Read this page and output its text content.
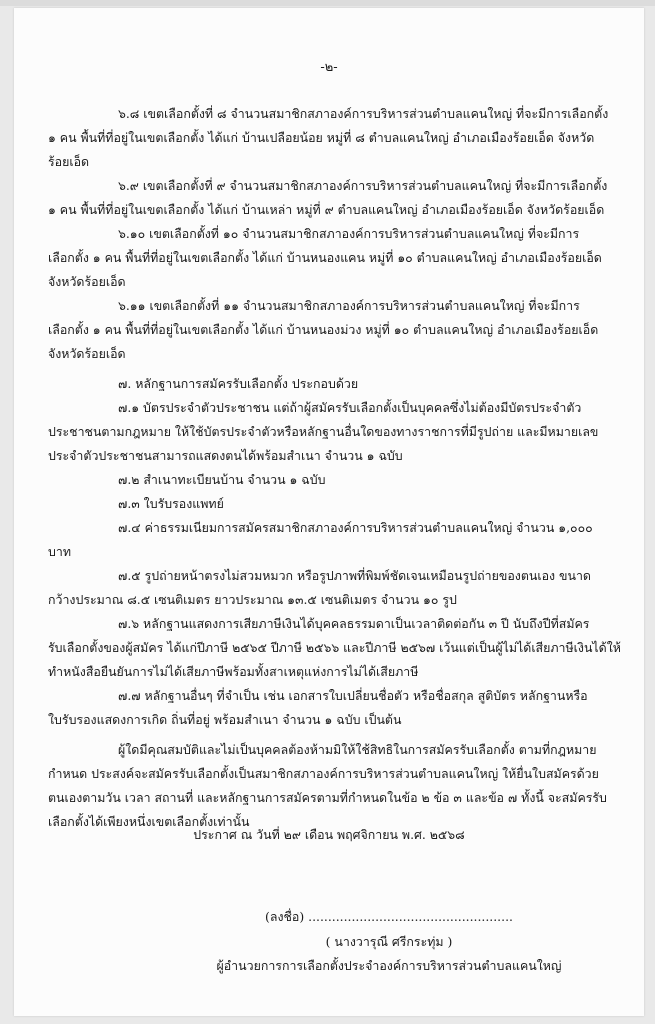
-๒-

๖.๘ เขตเลือกตั้งที่ ๘ จำนวนสมาชิกสภาองค์การบริหารส่วนตำบลแคนใหญ่ ที่จะมีการเลือกตั้ง

๑ คน พื้นที่ที่อยู่ในเขตเลือกตั้ง ได้แก่ บ้านเปลือยน้อย หมู่ที่ ๘ ตำบลแคนใหญ่ อำเภอเมืองร้อยเอ็ด จังหวัดร้อยเอ็ด

๖.๙ เขตเลือกตั้งที่ ๙ จำนวนสมาชิกสภาองค์การบริหารส่วนตำบลแคนใหญ่ ที่จะมีการเลือกตั้ง

๑ คน พื้นที่ที่อยู่ในเขตเลือกตั้ง ได้แก่ บ้านเหล่า หมู่ที่ ๙ ตำบลแคนใหญ่ อำเภอเมืองร้อยเอ็ด จังหวัดร้อยเอ็ด

๖.๑๐ เขตเลือกตั้งที่ ๑๐ จำนวนสมาชิกสภาองค์การบริหารส่วนตำบลแคนใหญ่ ที่จะมีการ

เลือกตั้ง ๑ คน พื้นที่ที่อยู่ในเขตเลือกตั้ง ได้แก่ บ้านหนองแคน หมู่ที่ ๑๐ ตำบลแคนใหญ่ อำเภอเมืองร้อยเอ็ด จังหวัดร้อยเอ็ด

๖.๑๑ เขตเลือกตั้งที่ ๑๑ จำนวนสมาชิกสภาองค์การบริหารส่วนตำบลแคนใหญ่ ที่จะมีการ

เลือกตั้ง ๑ คน พื้นที่ที่อยู่ในเขตเลือกตั้ง ได้แก่ บ้านหนองม่วง หมู่ที่ ๑๐ ตำบลแคนใหญ่ อำเภอเมืองร้อยเอ็ด จังหวัดร้อยเอ็ด

๗. หลักฐานการสมัครรับเลือกตั้ง ประกอบด้วย

๗.๑ บัตรประจำตัวประชาชน แต่ถ้าผู้สมัครรับเลือกตั้งเป็นบุคคลซึ่งไม่ต้องมีบัตรประจำตัว

ประชาชนตามกฎหมาย ให้ใช้บัตรประจำตัวหรือหลักฐานอื่นใดของทางราชการที่มีรูปถ่าย และมีหมายเลขประจำตัวประชาชนสามารถแสดงตนได้พร้อมสำเนา จำนวน ๑ ฉบับ

๗.๒ สำเนาทะเบียนบ้าน จำนวน ๑ ฉบับ

๗.๓ ใบรับรองแพทย์

๗.๔ ค่าธรรมเนียมการสมัครสมาชิกสภาองค์การบริหารส่วนตำบลแคนใหญ่ จำนวน ๑,๐๐๐

บาท

๗.๕ รูปถ่ายหน้าตรงไม่สวมหมวก หรือรูปภาพที่พิมพ์ชัดเจนเหมือนรูปถ่ายของตนเอง ขนาด

กว้างประมาณ ๘.๕ เซนติเมตร ยาวประมาณ ๑๓.๕ เซนติเมตร จำนวน ๑๐ รูป

๗.๖ หลักฐานแสดงการเสียภาษีเงินได้บุคคลธรรมดาเป็นเวลาติดต่อกัน ๓ ปี นับถึงปีที่สมัคร

รับเลือกตั้งของผู้สมัคร ได้แก่ปีภาษี ๒๕๖๕ ปีภาษี ๒๕๖๖ และปีภาษี ๒๕๖๗ เว้นแต่เป็นผู้ไม่ได้เสียภาษีเงินได้ให้ทำหนังสือยืนยันการไม่ได้เสียภาษีพร้อมทั้งสาเหตุแห่งการไม่ได้เสียภาษี

๗.๗ หลักฐานอื่นๆ ที่จำเป็น เช่น เอกสารใบเปลี่ยนชื่อตัว หรือชื่อสกุล สูติบัตร หลักฐานหรือ

ใบรับรองแสดงการเกิด ถิ่นที่อยู่ พร้อมสำเนา จำนวน ๑ ฉบับ เป็นต้น

ผู้ใดมีคุณสมบัติและไม่เป็นบุคคลต้องห้ามมิให้ใช้สิทธิในการสมัครรับเลือกตั้ง ตามที่กฎหมายกำหนด ประสงค์จะสมัครรับเลือกตั้งเป็นสมาชิกสภาองค์การบริหารส่วนตำบลแคนใหญ่ ให้ยื่นใบสมัครด้วยตนเองตามวัน เวลา สถานที่ และหลักฐานการสมัครตามที่กำหนดในข้อ ๒ ข้อ ๓ และข้อ ๗ ทั้งนี้ จะสมัครรับเลือกตั้งได้เพียงหนึ่งเขตเลือกตั้งเท่านั้น

ประกาศ ณ วันที่ ๒๙ เดือน พฤศจิกายน พ.ศ. ๒๕๖๘
(ลงชื่อ) ....................................................
( นางวารุณี ศรีกระทุ่ม )
ผู้อำนวยการการเลือกตั้งประจำองค์การบริหารส่วนตำบลแคนใหญ่
